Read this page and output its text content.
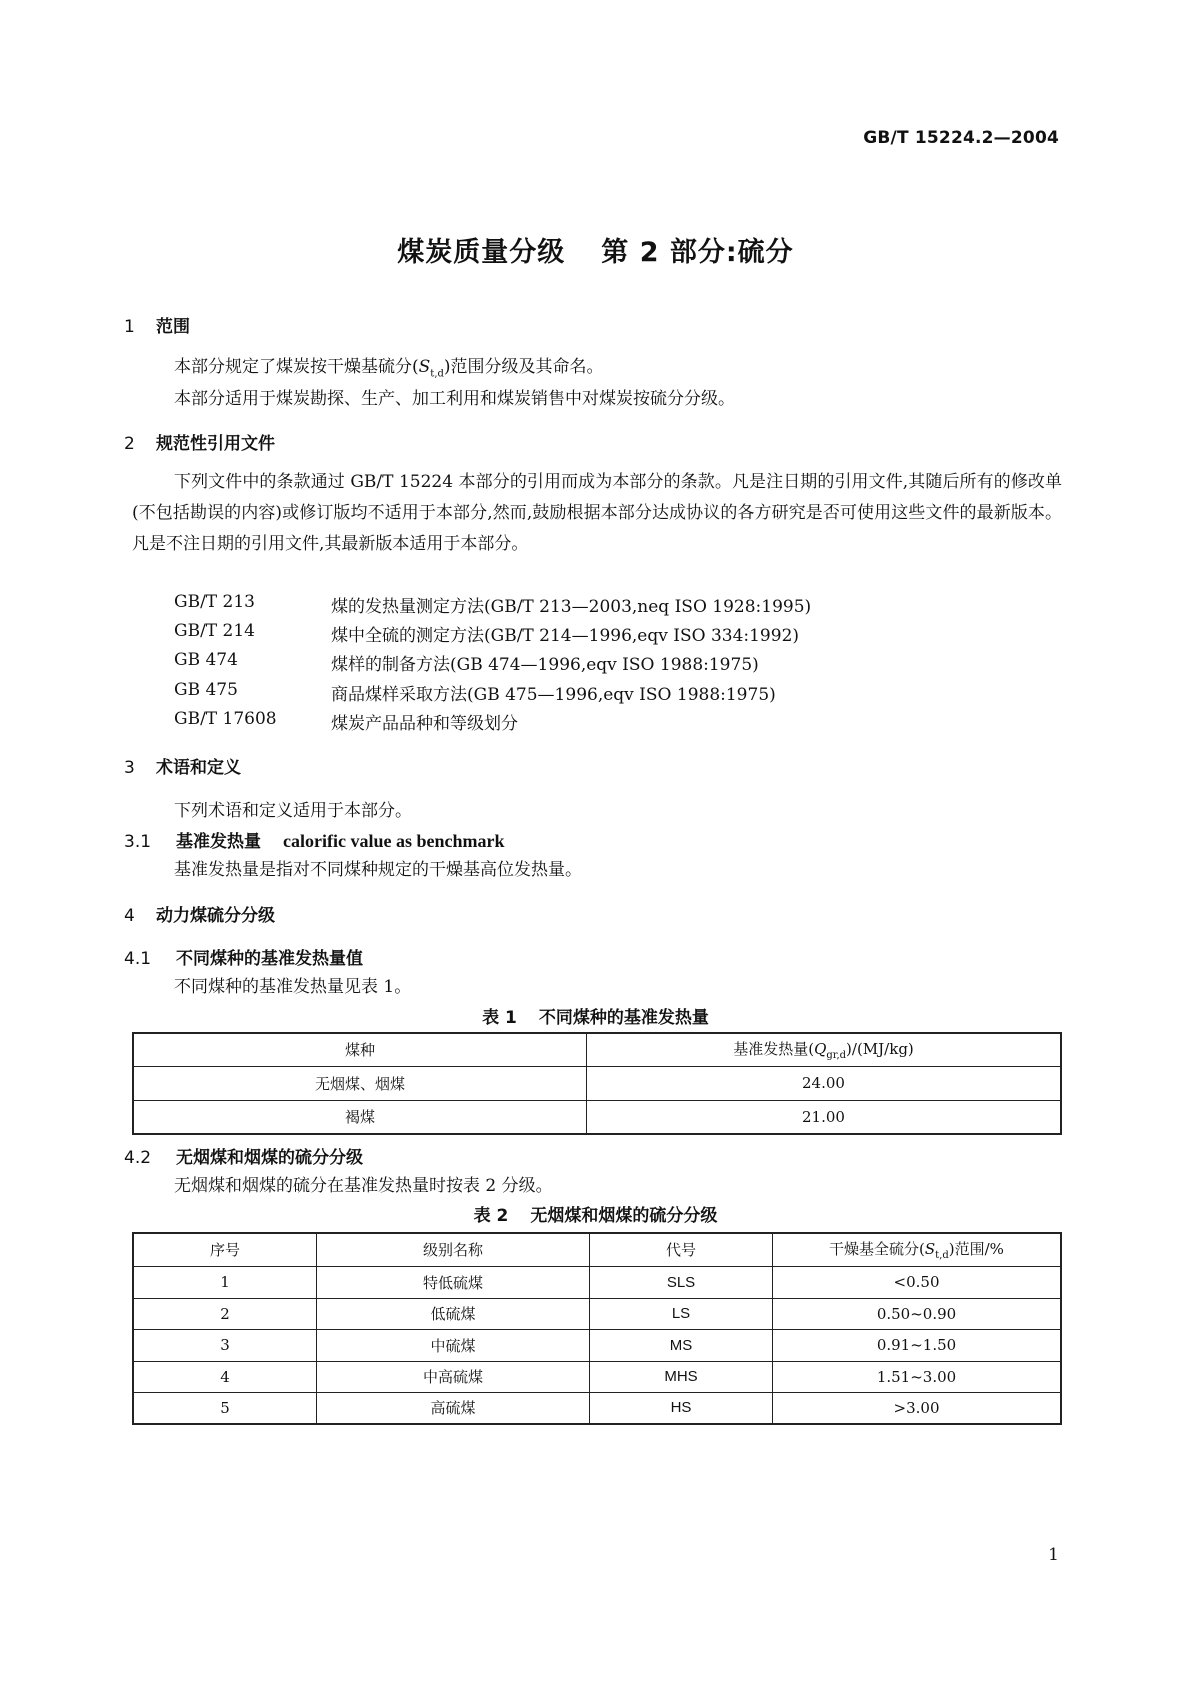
GB/T 15224.2—2004
煤炭质量分级 第 2 部分:硫分
1 范围
本部分规定了煤炭按干燥基硫分$(S_{t,d})$范围分级及其命名。
本部分适用于煤炭勘探、生产、加工利用和煤炭销售中对煤炭按硫分分级。
2 规范性引用文件
下列文件中的条款通过 GB/T 15224 本部分的引用而成为本部分的条款。凡是注日期的引用文件,其随后所有的修改单(不包括勘误的内容)或修订版均不适用于本部分,然而,鼓励根据本部分达成协议的各方研究是否可使用这些文件的最新版本。凡是不注日期的引用文件,其最新版本适用于本部分。
GB/T 213	煤的发热量测定方法(GB/T 213—2003,neq ISO 1928:1995)
GB/T 214	煤中全硫的测定方法(GB/T 214—1996,eqv ISO 334:1992)
GB 474	煤样的制备方法(GB 474—1996,eqv ISO 1988:1975)
GB 475	商品煤样采取方法(GB 475—1996,eqv ISO 1988:1975)
GB/T 17608	煤炭产品品种和等级划分
3 术语和定义
下列术语和定义适用于本部分。
3.1 基准发热量 calorific value as benchmark
基准发热量是指对不同煤种规定的干燥基高位发热量。
4 动力煤硫分分级
4.1 不同煤种的基准发热量值
不同煤种的基准发热量见表 1。
表 1 不同煤种的基准发热量
煤种	基准发热量$(Q_{gr,d})/(MJ/kg)$
无烟煤、烟煤	24.00
褐煤	21.00
4.2 无烟煤和烟煤的硫分分级
无烟煤和烟煤的硫分在基准发热量时按表 2 分级。
表 2 无烟煤和烟煤的硫分分级
序号	级别名称	代号	干燥基全硫分$(S_{t,d})$范围/%
1	特低硫煤	SLS	<0.50
2	低硫煤	LS	0.50~0.90
3	中硫煤	MS	0.91~1.50
4	中高硫煤	MHS	1.51~3.00
5	高硫煤	HS	>3.00
1
